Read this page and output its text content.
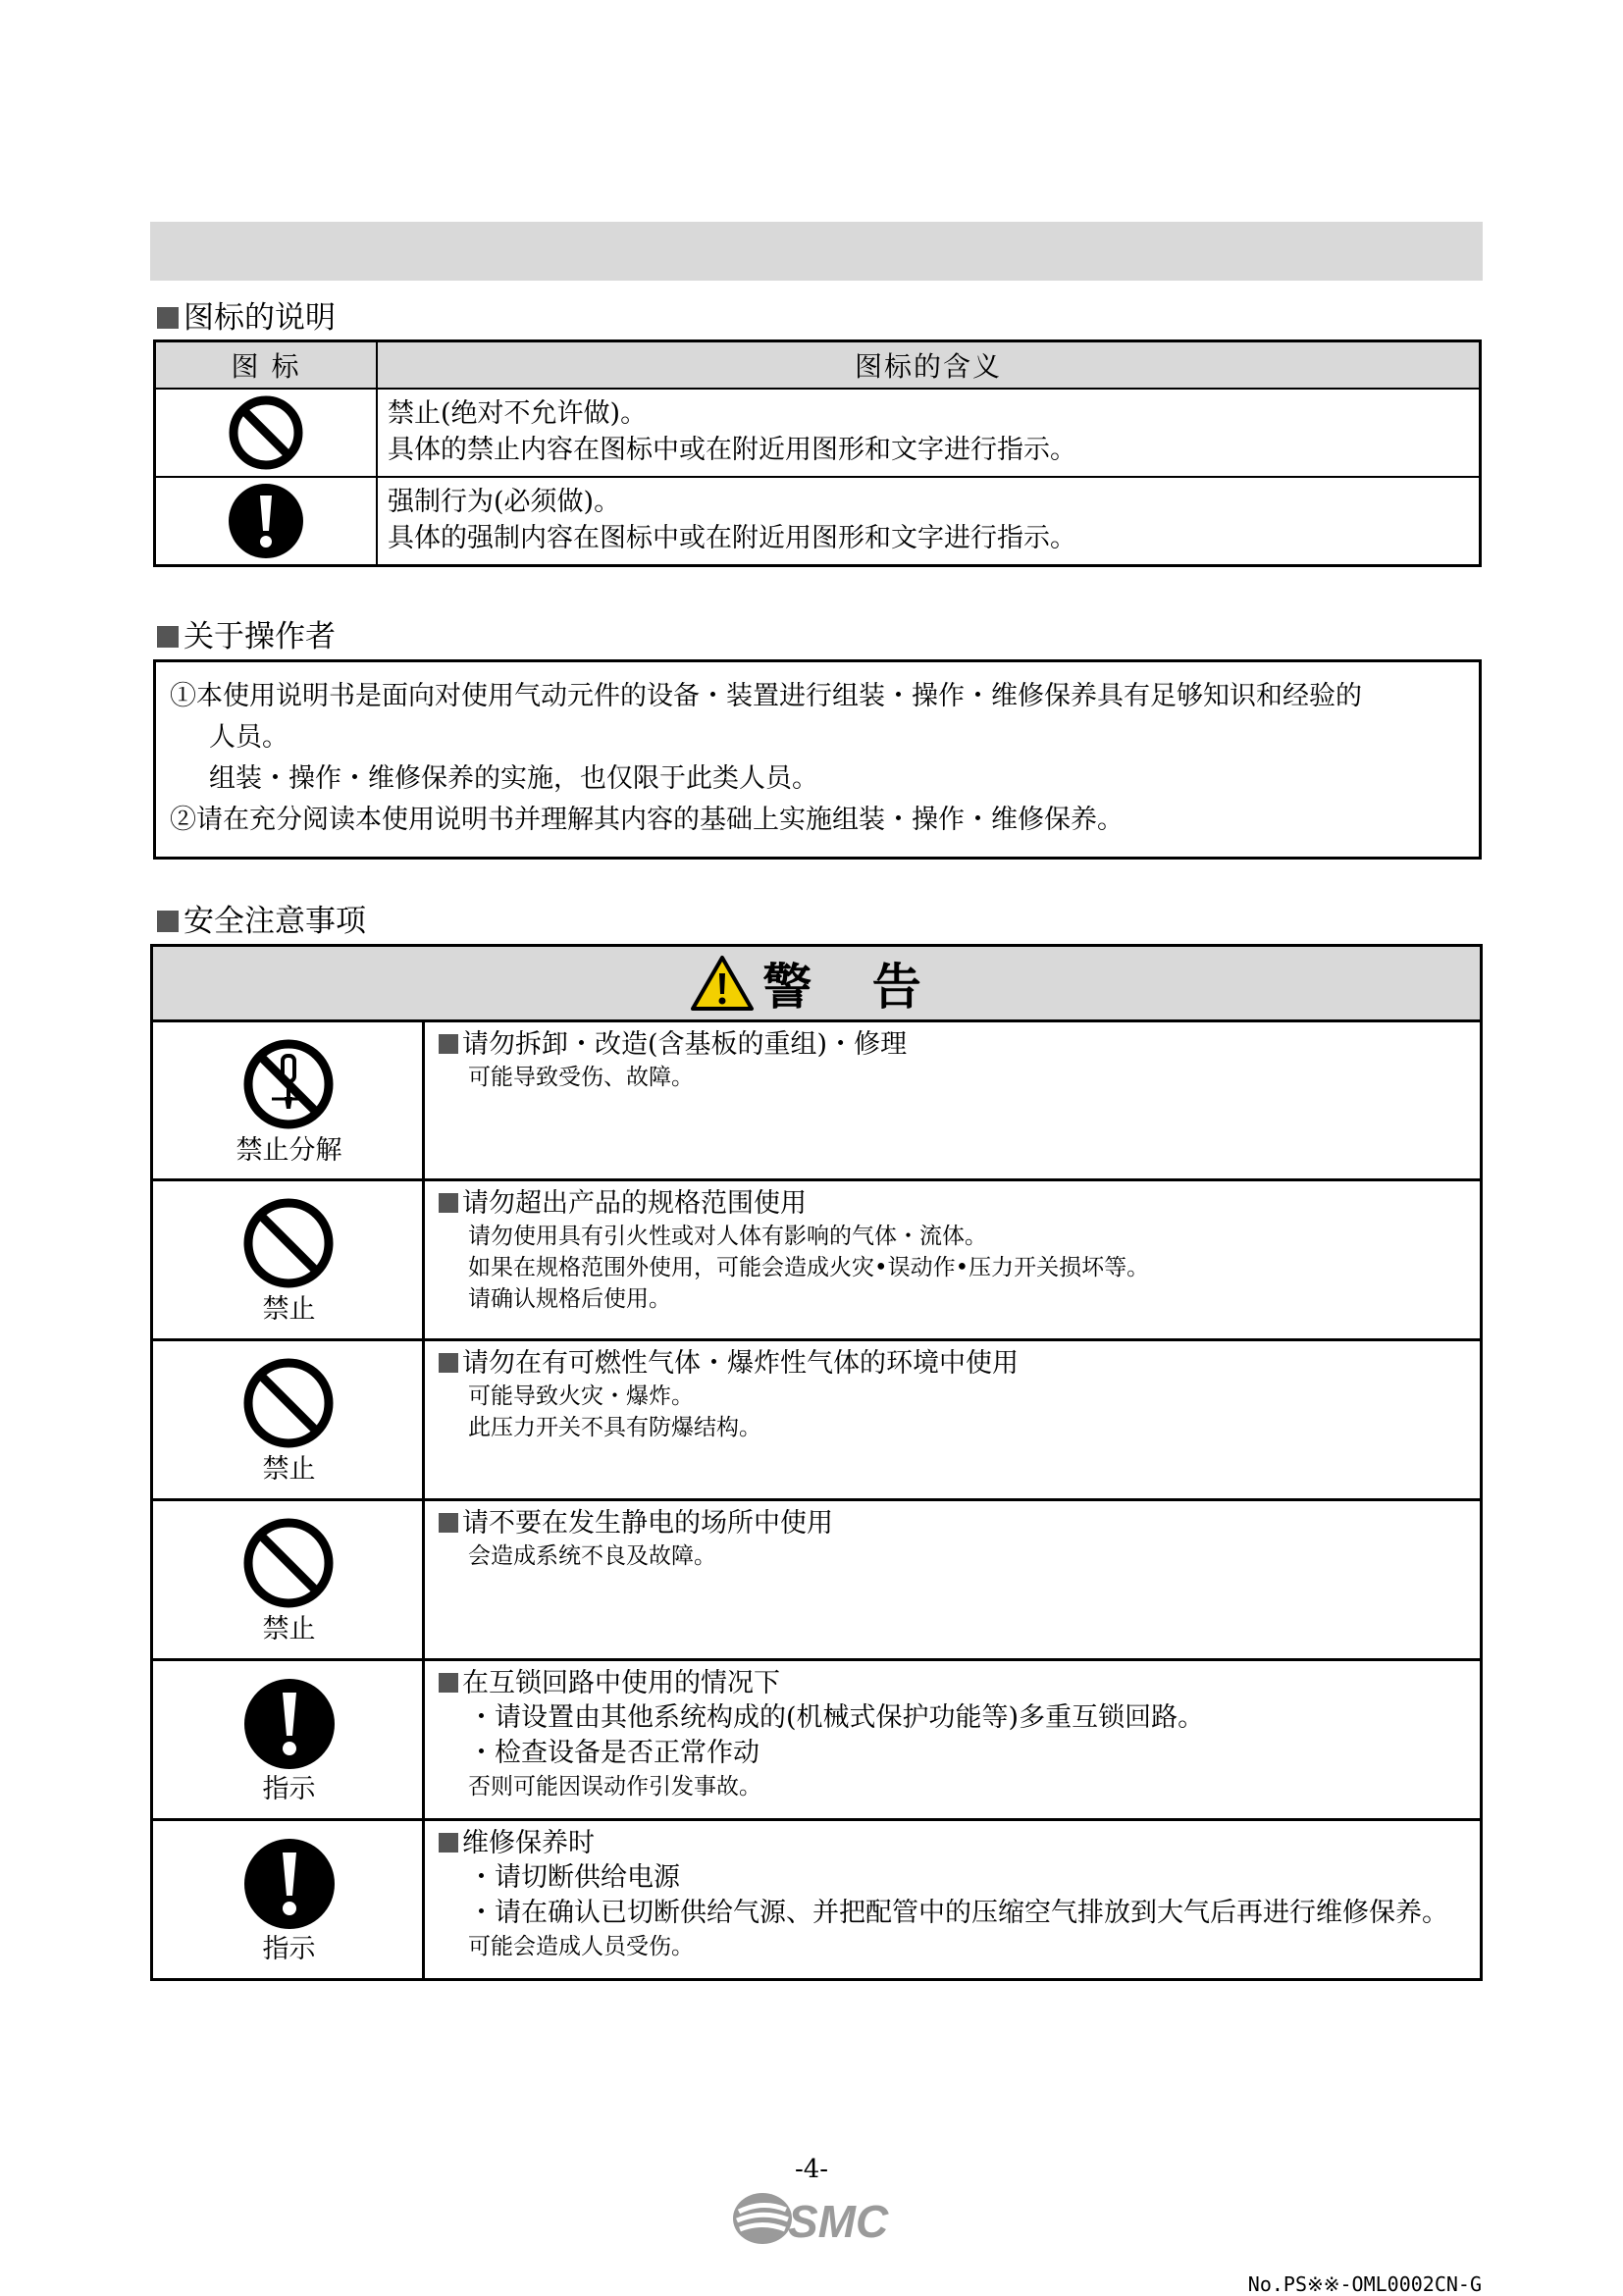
图标的说明
图 标	图标的含义
禁止(绝对不允许做)。
具体的禁止内容在图标中或在附近用图形和文字进行指示。
强制行为(必须做)。
具体的强制内容在图标中或在附近用图形和文字进行指示。
关于操作者
①本使用说明书是面向对使用气动元件的设备・装置进行组装・操作・维修保养具有足够知识和经验的
人员。
组装・操作・维修保养的实施，也仅限于此类人员。
②请在充分阅读本使用说明书并理解其内容的基础上实施组装・操作・维修保养。
安全注意事项
警 告
禁止分解
请勿拆卸・改造(含基板的重组)・修理
可能导致受伤、故障。
禁止
请勿超出产品的规格范围使用
请勿使用具有引火性或对人体有影响的气体・流体。
如果在规格范围外使用，可能会造成火灾•误动作•压力开关损坏等。
请确认规格后使用。
禁止
请勿在有可燃性气体・爆炸性气体的环境中使用
可能导致火灾・爆炸。
此压力开关不具有防爆结构。
禁止
请不要在发生静电的场所中使用
会造成系统不良及故障。
指示
在互锁回路中使用的情况下
・请设置由其他系统构成的(机械式保护功能等)多重互锁回路。
・检查设备是否正常作动
否则可能因误动作引发事故。
指示
维修保养时
・请切断供给电源
・请在确认已切断供给气源、并把配管中的压缩空气排放到大气后再进行维修保养。
可能会造成人员受伤。
-4-
SMC
No.PS※※-OML0002CN-G
